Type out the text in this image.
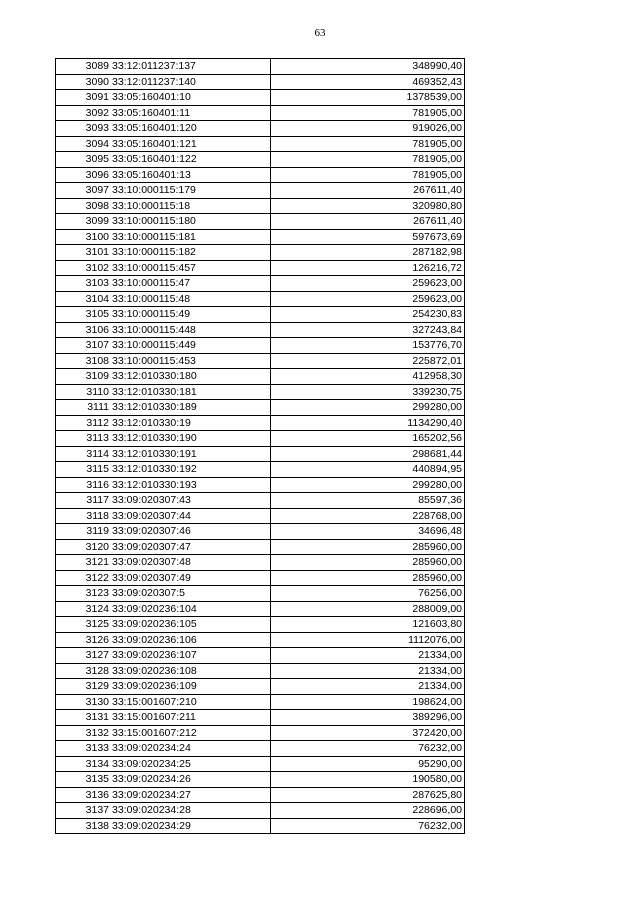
63
3089	33:12:011237:137	348990,40
3090	33:12:011237:140	469352,43
3091	33:05:160401:10	1378539,00
3092	33:05:160401:11	781905,00
3093	33:05:160401:120	919026,00
3094	33:05:160401:121	781905,00
3095	33:05:160401:122	781905,00
3096	33:05:160401:13	781905,00
3097	33:10:000115:179	267611,40
3098	33:10:000115:18	320980,80
3099	33:10:000115:180	267611,40
3100	33:10:000115:181	597673,69
3101	33:10:000115:182	287182,98
3102	33:10:000115:457	126216,72
3103	33:10:000115:47	259623,00
3104	33:10:000115:48	259623,00
3105	33:10:000115:49	254230,83
3106	33:10:000115:448	327243,84
3107	33:10:000115:449	153776,70
3108	33:10:000115:453	225872,01
3109	33:12:010330:180	412958,30
3110	33:12:010330:181	339230,75
3111	33:12:010330:189	299280,00
3112	33:12:010330:19	1134290,40
3113	33:12:010330:190	165202,56
3114	33:12:010330:191	298681,44
3115	33:12:010330:192	440894,95
3116	33:12:010330:193	299280,00
3117	33:09:020307:43	85597,36
3118	33:09:020307:44	228768,00
3119	33:09:020307:46	34696,48
3120	33:09:020307:47	285960,00
3121	33:09:020307:48	285960,00
3122	33:09:020307:49	285960,00
3123	33:09:020307:5	76256,00
3124	33:09:020236:104	288009,00
3125	33:09:020236:105	121603,80
3126	33:09:020236:106	1112076,00
3127	33:09:020236:107	21334,00
3128	33:09:020236:108	21334,00
3129	33:09:020236:109	21334,00
3130	33:15:001607:210	198624,00
3131	33:15:001607:211	389296,00
3132	33:15:001607:212	372420,00
3133	33:09:020234:24	76232,00
3134	33:09:020234:25	95290,00
3135	33:09:020234:26	190580,00
3136	33:09:020234:27	287625,80
3137	33:09:020234:28	228696,00
3138	33:09:020234:29	76232,00
